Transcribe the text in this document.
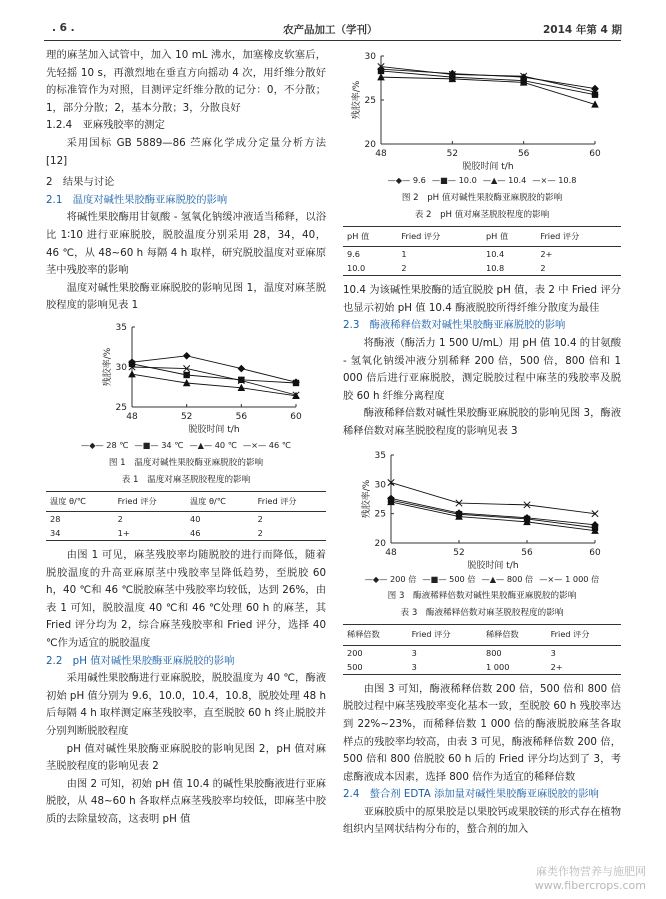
. 6 .	农产品加工（学刊）	2014 年第 4 期

理的麻茎加入试管中，加入 10 mL 沸水，加塞橡皮软塞后，先轻摇 10 s，再激烈地在垂直方向摇动 4 次，用纤维分散好的标准管作为对照，目测评定纤维分散的记分：0，不分散；1，部分分散；2，基本分散；3，分散良好

1.2.4　亚麻残胶率的测定

采用国标 GB 5889—86 苎麻化学成分定量分析方法[12]

2　结果与讨论

2.1　温度对碱性果胶酶亚麻脱胶的影响

将碱性果胶酶用甘氨酸 - 氢氧化钠缓冲液适当稀释，以浴比 1∶10 进行亚麻脱胶，脱胶温度分别采用 28，34，40，46 ℃，从 48~60 h 每隔 4 h 取样，研究脱胶温度对亚麻原茎中残胶率的影响

温度对碱性果胶酶亚麻脱胶的影响见图 1，温度对麻茎脱胶程度的影响见表 1

25
30
35
48	52	56	60
脱胶时间 t/h
残胶率/%
—◆— 28 ℃ —■— 34 ℃ —▲— 40 ℃ —×— 46 ℃
图 1　温度对碱性果胶酶亚麻脱胶的影响
表 1　温度对麻茎脱胶程度的影响
温度 θ/℃	Fried 评分	温度 θ/℃	Fried 评分
28	2	40	2
34	1+	46	2

由图 1 可见，麻茎残胶率均随脱胶的进行而降低，随着脱胶温度的升高亚麻原茎中残胶率呈降低趋势，至脱胶 60 h，40 ℃和 46 ℃脱胶麻茎中残胶率均较低，达到 26%，由表 1 可知，脱胶温度 40 ℃和 46 ℃处理 60 h 的麻茎，其 Fried 评分均为 2，综合麻茎残胶率和 Fried 评分，选择 40 ℃作为适宜的脱胶温度

2.2　pH 值对碱性果胶酶亚麻脱胶的影响

采用碱性果胶酶进行亚麻脱胶，脱胶温度为 40 ℃，酶液初始 pH 值分别为 9.6，10.0，10.4，10.8，脱胶处理 48 h 后每隔 4 h 取样测定麻茎残胶率，直至脱胶 60 h 终止脱胶并分别判断脱胶程度

pH 值对碱性果胶酶亚麻脱胶的影响见图 2，pH 值对麻茎脱胶程度的影响见表 2

由图 2 可知，初始 pH 值 10.4 的碱性果胶酶液进行亚麻脱胶，从 48~60 h 各取样点麻茎残胶率均较低，即麻茎中胶质的去除量较高，这表明 pH 值

20
25
30
48	52	56	60
脱胶时间 t/h
残胶率/%
—◆— 9.6 —■— 10.0 —▲— 10.4 —×— 10.8
图 2　pH 值对碱性果胶酶亚麻脱胶的影响
表 2　pH 值对麻茎脱胶程度的影响
pH 值	Fried 评分	pH 值	Fried 评分
9.6	1	10.4	2+
10.0	2	10.8	2

10.4 为该碱性果胶酶的适宜脱胶 pH 值，表 2 中 Fried 评分也显示初始 pH 值 10.4 酶液脱胶所得纤维分散度为最佳

2.3　酶液稀释倍数对碱性果胶酶亚麻脱胶的影响

将酶液（酶活力 1 500 U/mL）用 pH 值 10.4 的甘氨酸 - 氢氧化钠缓冲液分别稀释 200 倍，500 倍，800 倍和 1 000 倍后进行亚麻脱胶，测定脱胶过程中麻茎的残胶率及脱胶 60 h 纤维分离程度

酶液稀释倍数对碱性果胶酶亚麻脱胶的影响见图 3，酶液稀释倍数对麻茎脱胶程度的影响见表 3

20
25
30
35
48	52	56	60
脱胶时间 t/h
残胶率/%
—◆— 200 倍 —■— 500 倍 —▲— 800 倍 —×— 1 000 倍
图 3　酶液稀释倍数对碱性果胶酶亚麻脱胶的影响
表 3　酶液稀释倍数对麻茎脱胶程度的影响
稀释倍数	Fried 评分	稀释倍数	Fried 评分
200	3	800	3
500	3	1 000	2+

由图 3 可知，酶液稀释倍数 200 倍，500 倍和 800 倍脱胶过程中麻茎残胶率变化基本一致，至脱胶 60 h 残胶率达到 22%~23%，而稀释倍数 1 000 倍的酶液脱胶麻茎各取样点的残胶率均较高，由表 3 可见，酶液稀释倍数 200 倍，500 倍和 800 倍脱胶 60 h 后的 Fried 评分均达到了 3，考虑酶液成本因素，选择 800 倍作为适宜的稀释倍数

2.4　螯合剂 EDTA 添加量对碱性果胶酶亚麻脱胶的影响

亚麻胶质中的原果胶是以果胶钙或果胶镁的形式存在植物组织内呈网状结构分布的，螯合剂的加入

麻类作物营养与施肥网
www.fibercrops.com
